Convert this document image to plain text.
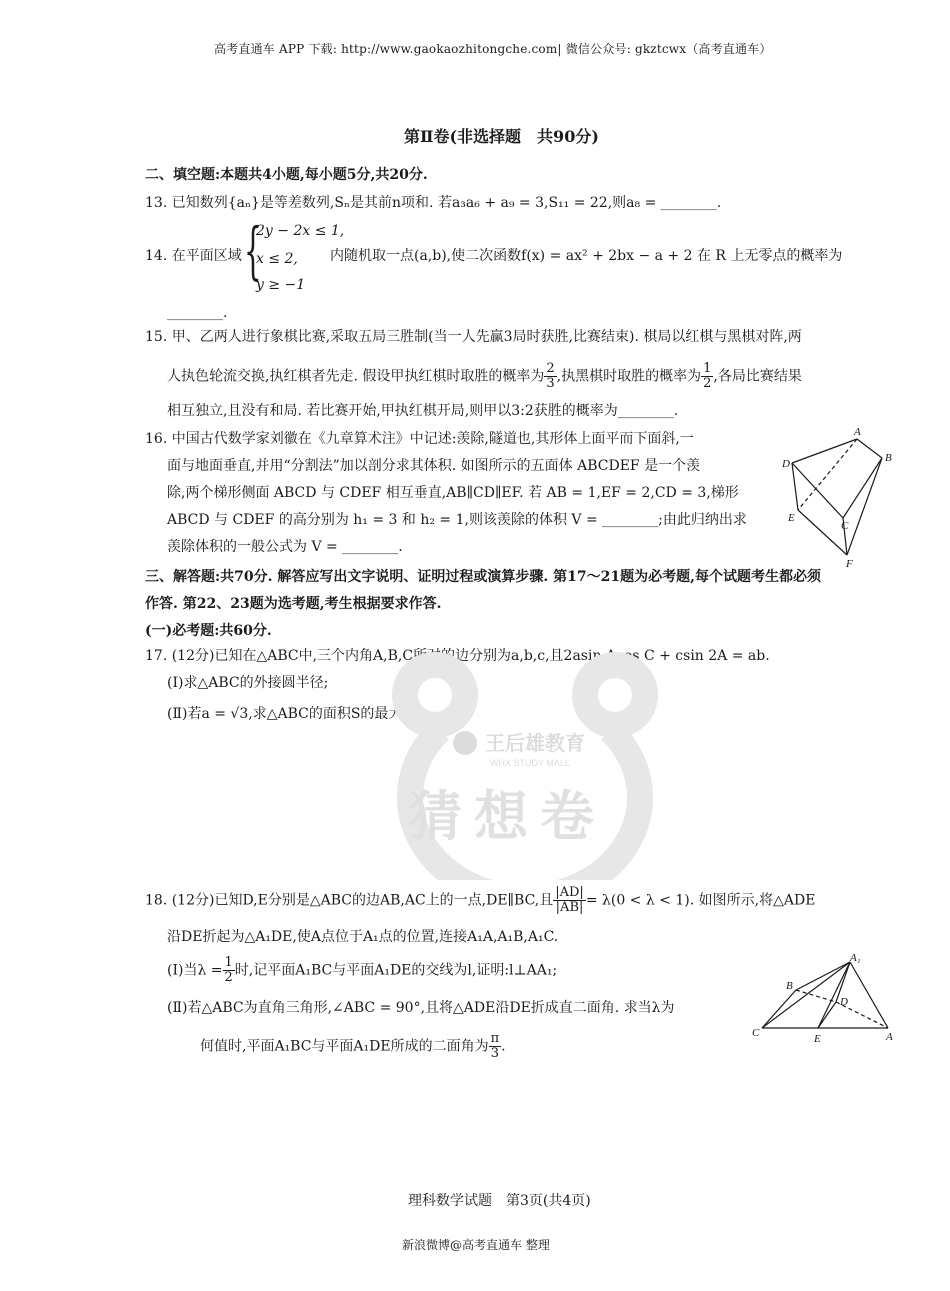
高考直通车 APP 下载: http://www.gaokaozhitongche.com| 微信公众号: gkztcwx（高考直通车）
第Ⅱ卷(非选择题　共90分)
二、填空题:本题共4小题,每小题5分,共20分.
13. 已知数列{aₙ}是等差数列,Sₙ是其前n项和. 若a₃a₆ + a₉ = 3,S₁₁ = 22,则a₈ = ________.
14. 在平面区域 {
2y − 2x ≤ 1,
x ≤ 2,
y ≥ −1
内随机取一点(a,b),使二次函数f(x) = ax² + 2bx − a + 2 在 R 上无零点的概率为
________.
15. 甲、乙两人进行象棋比赛,采取五局三胜制(当一人先赢3局时获胜,比赛结束). 棋局以红棋与黑棋对阵,两
人执色轮流交换,执红棋者先走. 假设甲执红棋时取胜的概率为 $\frac{2}{3}$ ,执黑棋时取胜的概率为 $\frac{1}{2}$ ,各局比赛结果
相互独立,且没有和局. 若比赛开始,甲执红棋开局,则甲以3:2获胜的概率为________.
16. 中国古代数学家刘徽在《九章算术注》中记述:羡除,隧道也,其形体上面平而下面斜,一
面与地面垂直,并用“分割法”加以剖分求其体积. 如图所示的五面体 ABCDEF 是一个羡
除,两个梯形侧面 ABCD 与 CDEF 相互垂直,AB∥CD∥EF. 若 AB = 1,EF = 2,CD = 3,梯形
ABCD 与 CDEF 的高分别为 h₁ = 3 和 h₂ = 1,则该羡除的体积 V = ________;由此归纳出求
羡除体积的一般公式为 V = ________.
A
B
C
D
E
F
三、解答题:共70分. 解答应写出文字说明、证明过程或演算步骤. 第17～21题为必考题,每个试题考生都必须
作答. 第22、23题为选考题,考生根据要求作答.
(一)必考题:共60分.
17. (12分)已知在△ABC中,三个内角A,B,C所对的边分别为a,b,c,且2asin Acos C + csin 2A = ab.
(Ⅰ)求△ABC的外接圆半径;
(Ⅱ)若a = √3,求△ABC的面积S的最大值.
王后雄教育
WHX STUDY MALL
猜想卷
18. (12分)已知D,E分别是△ABC的边AB,AC上的一点,DE∥BC,且 $\frac{|AD|}{|AB|} = \lambda(0 < \lambda < 1)$. 如图所示,将△ADE
沿DE折起为△A₁DE,使A点位于A₁点的位置,连接A₁A,A₁B,A₁C.
(Ⅰ)当$\lambda = \frac{1}{2}$ 时,记平面A₁BC与平面A₁DE的交线为l,证明:l⊥AA₁;
(Ⅱ)若△ABC为直角三角形,∠ABC = 90°,且将△ADE沿DE折成直二面角. 求当λ为
何值时,平面A₁BC与平面A₁DE所成的二面角为 $\frac{\pi}{3}$ .
A₁
B
D
C	E	A
理科数学试题　第3页(共4页)
新浪微博@高考直通车 整理
